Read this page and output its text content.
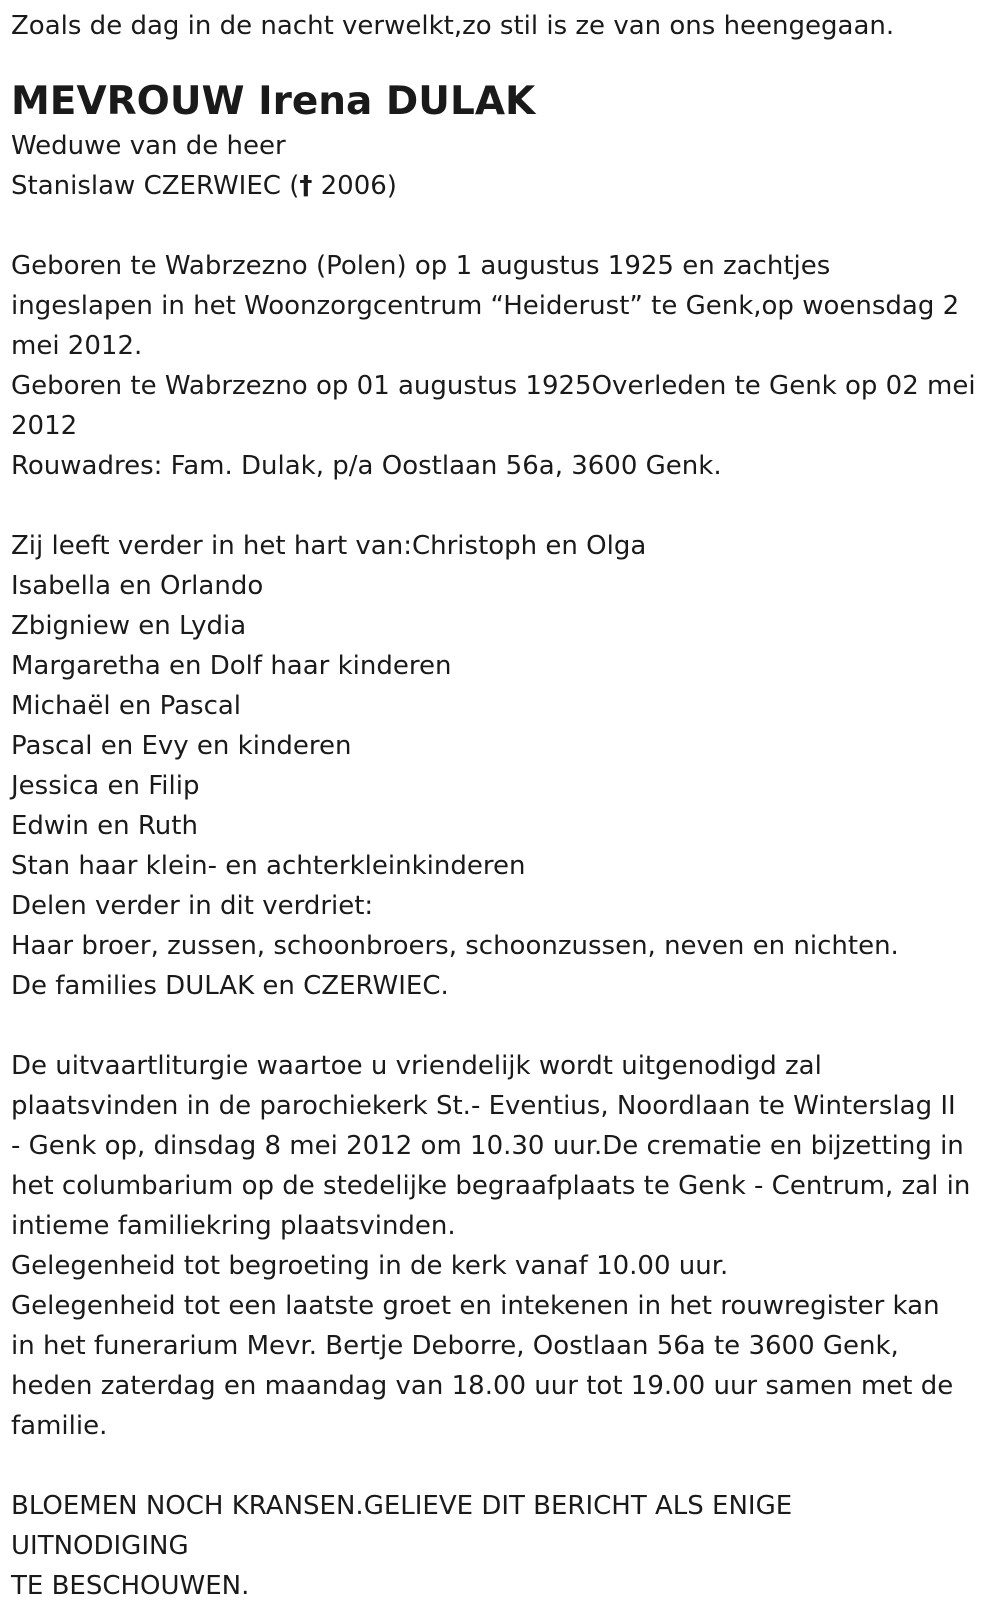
Zoals de dag in de nacht verwelkt,zo stil is ze van ons heengegaan.
MEVROUW Irena DULAK
Weduwe van de heer
Stanislaw CZERWIEC († 2006)
Geboren te Wabrzezno (Polen) op 1 augustus 1925 en zachtjes
ingeslapen in het Woonzorgcentrum “Heiderust” te Genk,op woensdag 2
mei 2012.
Geboren te Wabrzezno op 01 augustus 1925Overleden te Genk op 02 mei
2012
Rouwadres: Fam. Dulak, p/a Oostlaan 56a, 3600 Genk.
Zij leeft verder in het hart van:Christoph en Olga
Isabella en Orlando
Zbigniew en Lydia
Margaretha en Dolf haar kinderen
Michaël en Pascal
Pascal en Evy en kinderen
Jessica en Filip
Edwin en Ruth
Stan haar klein- en achterkleinkinderen
Delen verder in dit verdriet:
Haar broer, zussen, schoonbroers, schoonzussen, neven en nichten.
De families DULAK en CZERWIEC.
De uitvaartliturgie waartoe u vriendelijk wordt uitgenodigd zal
plaatsvinden in de parochiekerk St.- Eventius, Noordlaan te Winterslag II
- Genk op, dinsdag 8 mei 2012 om 10.30 uur.De crematie en bijzetting in
het columbarium op de stedelijke begraafplaats te Genk - Centrum, zal in
intieme familiekring plaatsvinden.
Gelegenheid tot begroeting in de kerk vanaf 10.00 uur.
Gelegenheid tot een laatste groet en intekenen in het rouwregister kan
in het funerarium Mevr. Bertje Deborre, Oostlaan 56a te 3600 Genk,
heden zaterdag en maandag van 18.00 uur tot 19.00 uur samen met de
familie.
BLOEMEN NOCH KRANSEN.GELIEVE DIT BERICHT ALS ENIGE
UITNODIGING
TE BESCHOUWEN.
